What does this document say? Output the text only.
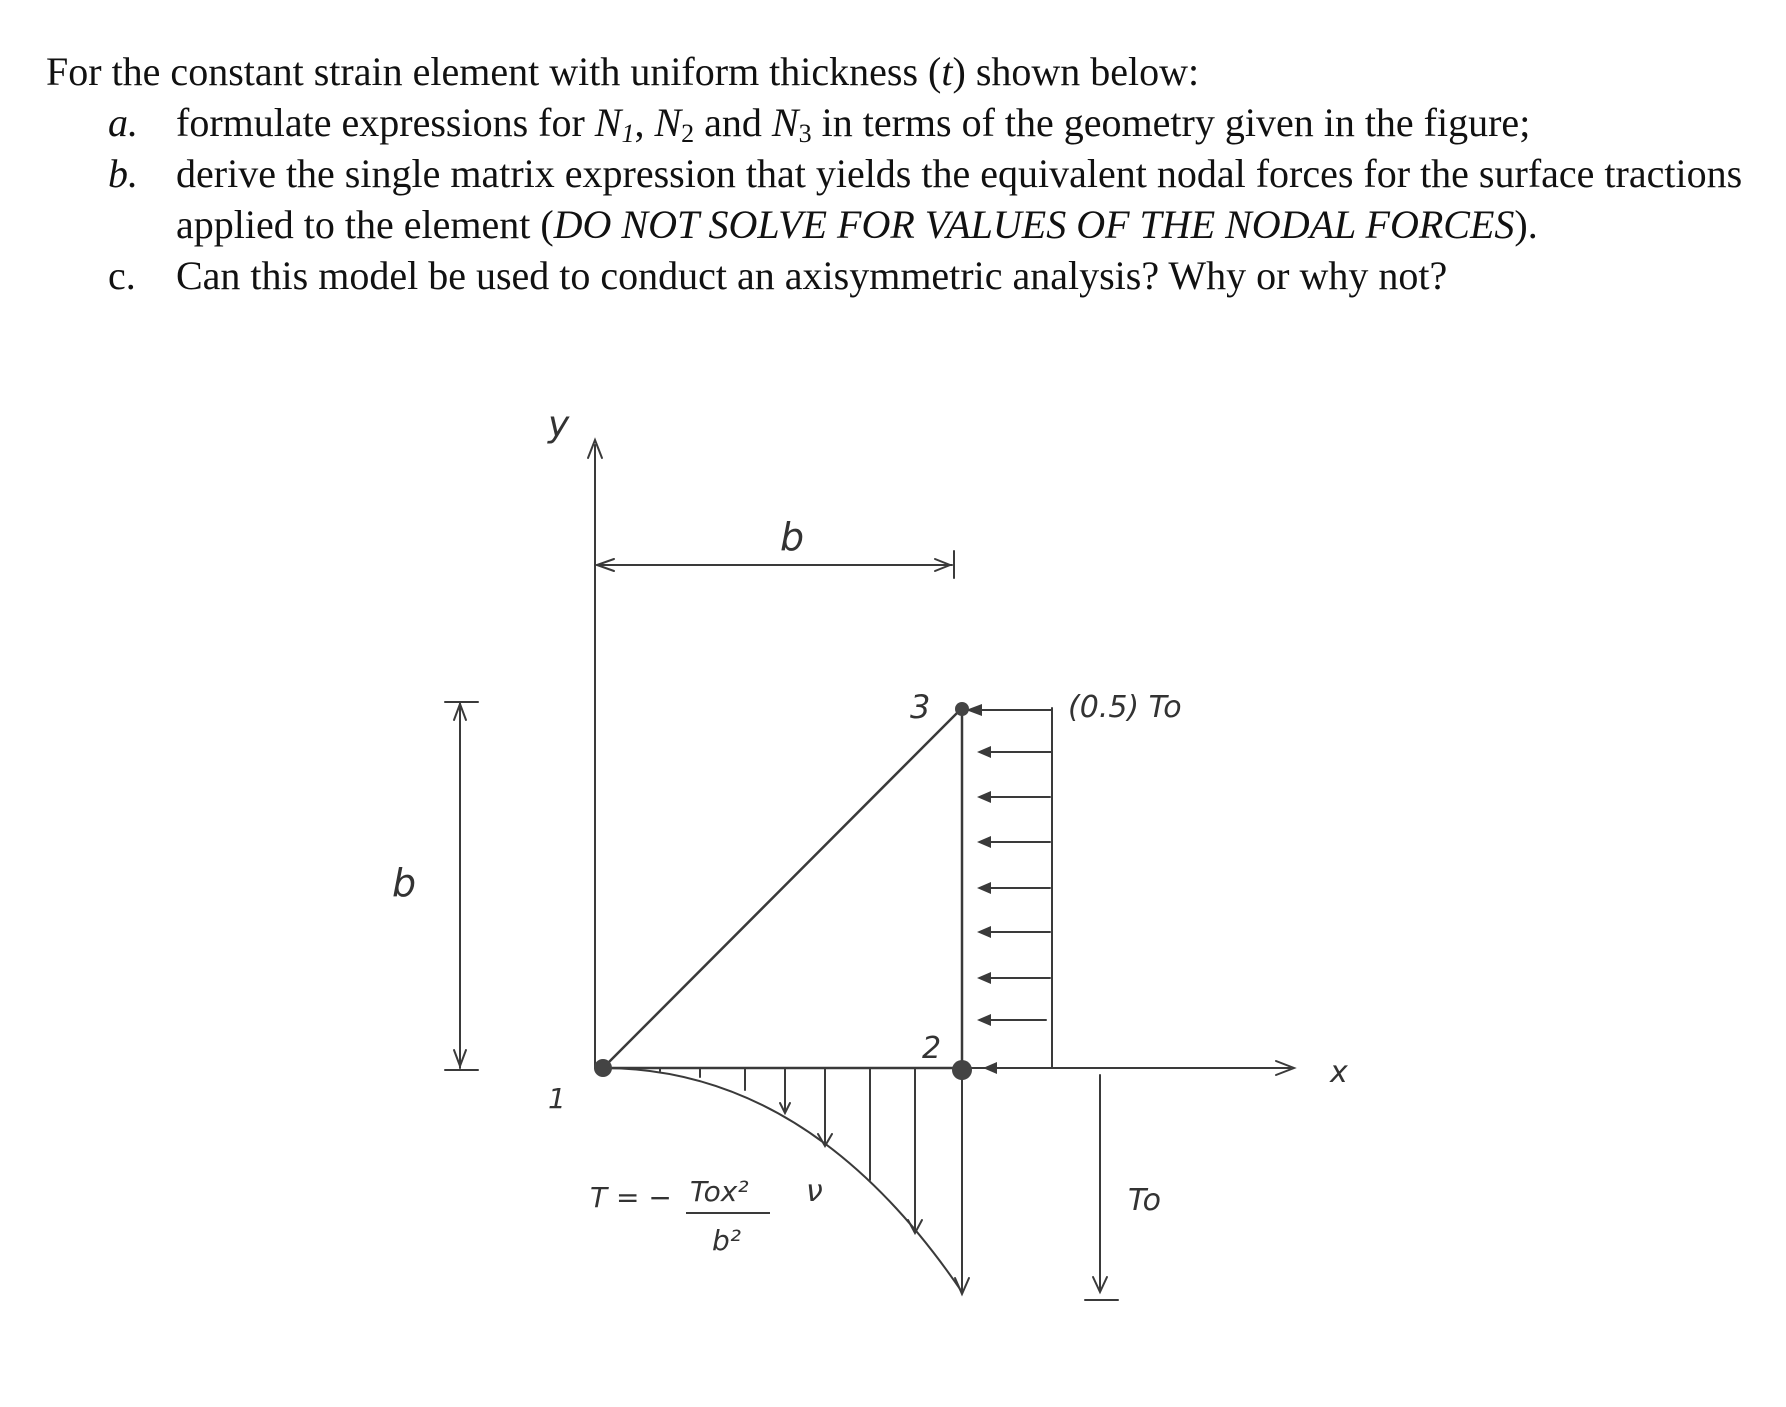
For the constant strain element with uniform thickness (t) shown below:
a. formulate expressions for $N_1$, $N_2$ and $N_3$ in terms of the geometry given in the figure;
b. derive the single matrix expression that yields the equivalent nodal forces for the surface tractions applied to the element (DO NOT SOLVE FOR VALUES OF THE NODAL FORCES).
c. Can this model be used to conduct an axisymmetric analysis? Why or why not?
y
x
b
b
1
2
3	(0.5) To
To
T = − Tox²
b²
ν
